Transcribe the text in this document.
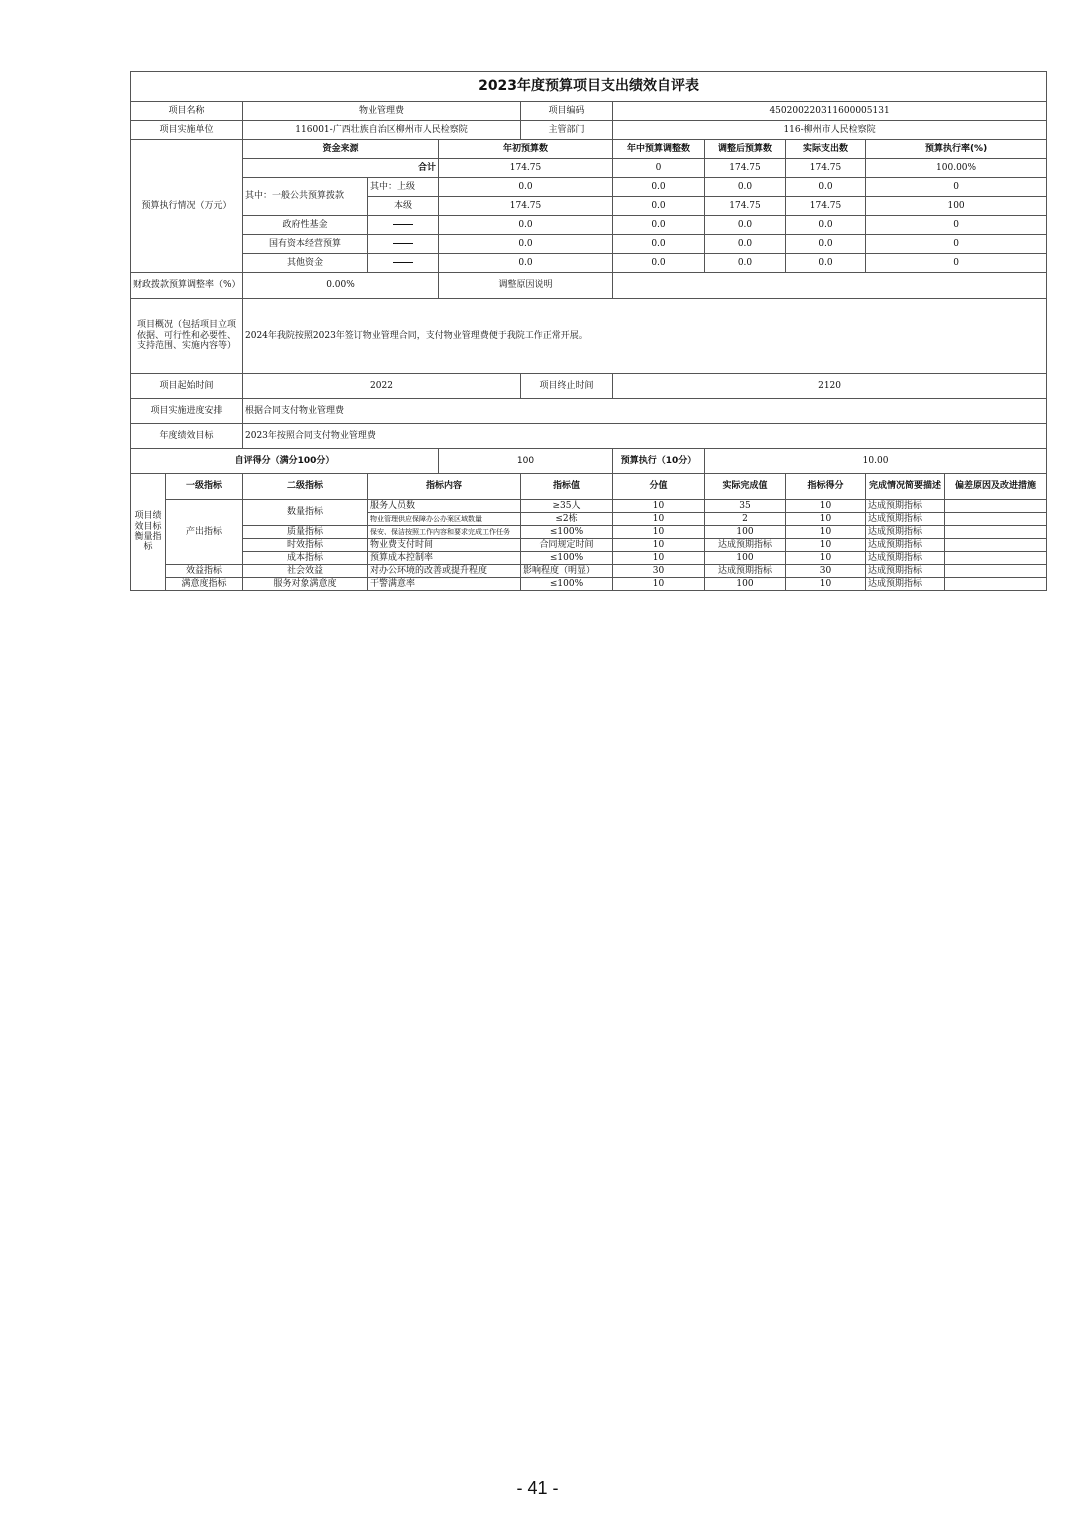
2023年度预算项目支出绩效自评表										
项目名称		物业管理费			项目编码	450200220311600005131				
项目实施单位		116001-广西壮族自治区柳州市人民检察院			主管部门	116-柳州市人民检察院				
预算执行情况（万元）		资金来源		年初预算数		年中预算调整数	调整后预算数	实际支出数	预算执行率(%)	
		合计		174.75		0	174.75	174.75	100.00%	
		其中：一般公共预算拨款	其中：上级	0.0		0.0	0.0	0.0	0	
			本级	174.75		0.0	174.75	174.75	100	
		政府性基金		0.0		0.0	0.0	0.0	0	
		国有资本经营预算		0.0		0.0	0.0	0.0	0	
		其他资金		0.0		0.0	0.0	0.0	0	
财政拨款预算调整率（%）		0.00%		调整原因说明						
项目概况（包括项目立项依据、可行性和必要性、支持范围、实施内容等）		2024年我院按照2023年签订物业管理合同，支付物业管理费便于我院工作正常开展。								
项目起始时间		2022			项目终止时间	2120				
项目实施进度安排		根据合同支付物业管理费								
年度绩效目标		2023年按照合同支付物业管理费								
自评得分（满分100分）				100		预算执行（10分）	10.00			
项目绩效目标衡量指标	一级指标	二级指标	指标内容		指标值	分值	实际完成值	指标得分	完成情况简要描述	偏差原因及改进措施
	产出指标	数量指标	服务人员数		≥35人	10	35	10	达成预期指标	
			物业管理供应保障办公办案区域数量		≤2栋	10	2	10	达成预期指标	
		质量指标	保安、保洁按照工作内容和要求完成工作任务		≤100%	10	100	10	达成预期指标	
		时效指标	物业费支付时间		合同规定时间	10	达成预期指标	10	达成预期指标	
		成本指标	预算成本控制率		≤100%	10	100	10	达成预期指标	
	效益指标	社会效益	对办公环境的改善或提升程度		影响程度（明显）	30	达成预期指标	30	达成预期指标	
	满意度指标	服务对象满意度	干警满意率		≤100%	10	100	10	达成预期指标	
- 41 -
